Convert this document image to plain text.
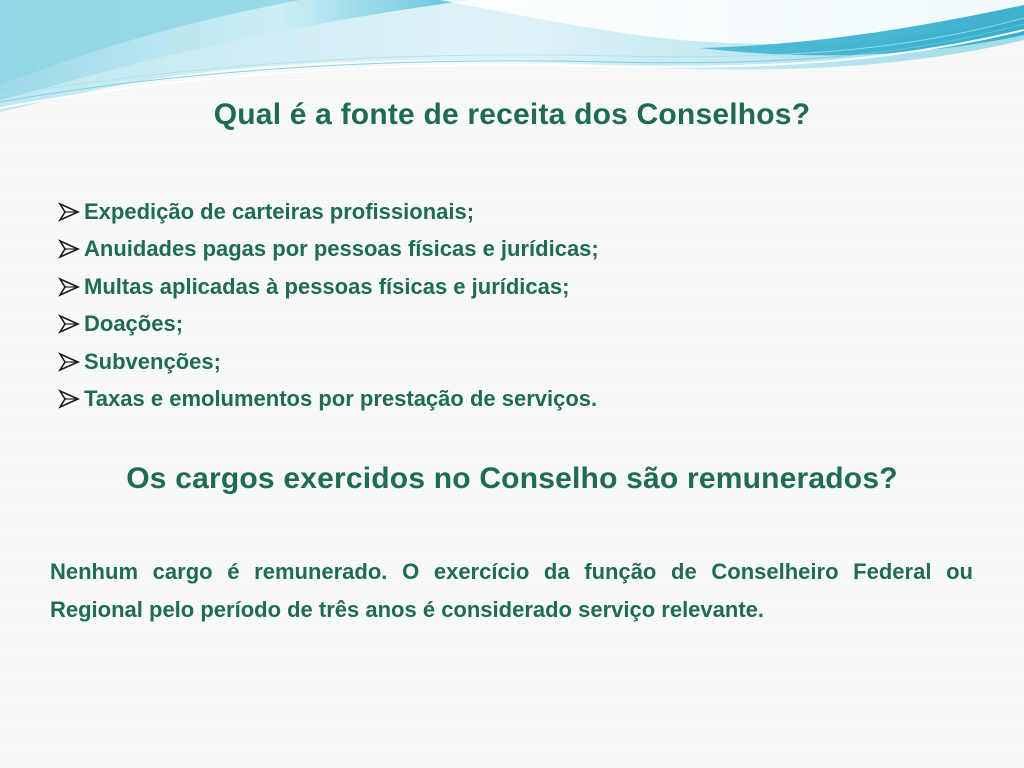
Qual é a fonte de receita dos Conselhos?
Expedição de carteiras profissionais;
Anuidades pagas por pessoas físicas e jurídicas;
Multas aplicadas à pessoas físicas e jurídicas;
Doações;
Subvenções;
Taxas e emolumentos por prestação de serviços.
Os cargos exercidos no Conselho são remunerados?

Nenhum cargo é remunerado. O exercício da função de Conselheiro Federal ou Regional pelo período de três anos é considerado serviço relevante.
